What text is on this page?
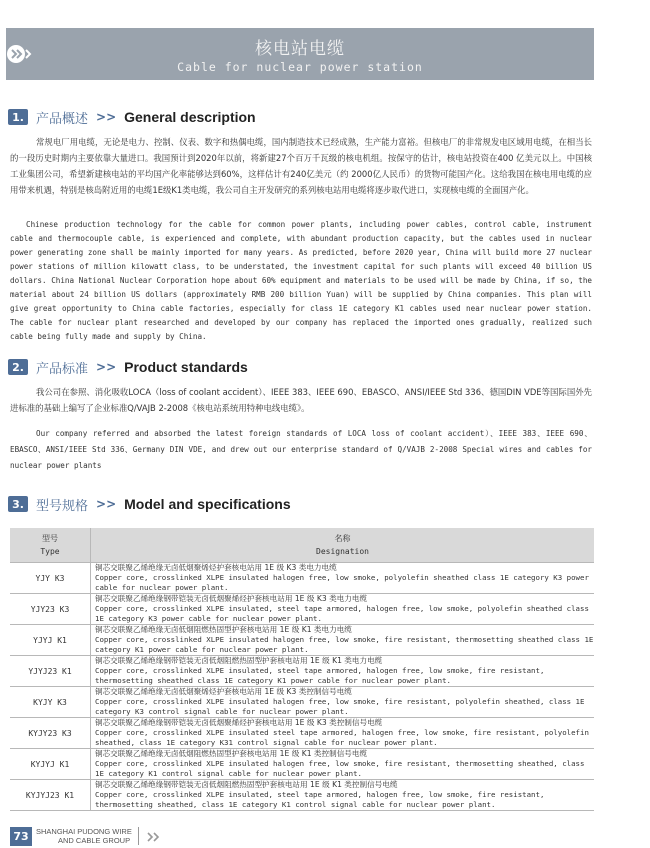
核电站电缆
Cable for nuclear power station
1. 产品概述 >> General description

常规电厂用电缆，无论是电力、控制、仪表、数字和热偶电缆，国内制造技术已经成熟，生产能力富裕。但核电厂的非常规发电区域用电缆，在相当长的一段历史时期内主要依靠大量进口。我国预计到2020年以前，将新建27个百万千瓦级的核电机组。按保守的估计，核电站投资在400 亿美元以上。中国核工业集团公司，希望新建核电站的平均国产化率能够达到60%，这样估计有240亿美元（约 2000亿人民币）的货物可能国产化。这给我国在核电用电缆的应用带来机遇，特别是核岛附近用的电缆1E级K1类电缆，我公司自主开发研究的系列核电站用电缆将逐步取代进口，实现核电缆的全面国产化。

Chinese production technology for the cable for common power plants, including power cables, control cable, instrument cable and thermocouple cable, is experienced and complete, with abundant production capacity, but the cables used in nuclear power generating zone shall be mainly imported for many years. As predicted, before 2020 year, China will build more 27 nuclear power stations of million kilowatt class, to be understated, the investment capital for such plants will exceed 40 billion US dollars. China National Nuclear Corporation hope about 60% equipment and materials to be used will be made by China, if so, the material about 24 billion US dollars (approximately RMB 200 billion Yuan) will be supplied by China companies. This plan will give great opportunity to China cable factories, especially for class 1E category K1 cables used near nuclear power station. The cable for nuclear plant researched and developed by our company has replaced the imported ones gradually, realized such cable being fully made and supply by China.

2. 产品标准 >> Product standards

我公司在参照、消化吸收LOCA（loss of coolant accident）、IEEE 383、IEEE 690、EBASCO、ANSI/IEEE Std 336、德国DIN VDE等国际国外先进标准的基础上编写了企业标准Q/VAJB 2-2008《核电站系统用特种电线电缆》。

Our company referred and absorbed the latest foreign standards of LOCA loss of coolant accident）、IEEE 383、IEEE 690、EBASCO、ANSI/IEEE Std 336、Germany DIN VDE, and drew out our enterprise standard of Q/VAJB 2-2008 Special wires and cables for nuclear power plants

3. 型号规格 >> Model and specifications
型号
Type	名称
Designation
YJY K3	铜芯交联聚乙烯绝缘无卤低烟聚烯烃护套核电站用 1E 级 K3 类电力电缆
Copper core, crosslinked XLPE insulated halogen free, low smoke, polyolefin sheathed class 1E category K3 power cable for nuclear power plant.

YJY23 K3	铜芯交联聚乙烯绝缘钢带铠装无卤低烟聚烯烃护套核电站用 1E 级 K3 类电力电缆
Copper core, crosslinked XLPE insulated, steel tape armored, halogen free, low smoke, polyolefin sheathed class 1E category K3 power cable for nuclear power plant.

YJYJ K1	铜芯交联聚乙烯绝缘无卤低烟阻燃热固型护套核电站用 1E 级 K1 类电力电缆
Copper core, crosslinked XLPE insulated halogen free, low smoke, fire resistant, thermosetting sheathed class 1E category K1 power cable for nuclear power plant.

YJYJ23 K1	铜芯交联聚乙烯绝缘钢带铠装无卤低烟阻燃热固型护套核电站用 1E 级 K1 类电力电缆
Copper core, crosslinked XLPE insulated, steel tape armored, halogen free, low smoke, fire resistant, thermosetting sheathed class 1E category K1 power cable for nuclear power plant.

KYJY K3	铜芯交联聚乙烯绝缘无卤低烟聚烯烃护套核电站用 1E 级 K3 类控制信号电缆
Copper core, crosslinked XLPE insulated halogen free, low smoke, fire resistant, polyolefin sheathed, class 1E category K3 control signal cable for nuclear power plant.

KYJY23 K3	铜芯交联聚乙烯绝缘钢带铠装无卤低烟聚烯烃护套核电站用 1E 级 K3 类控制信号电缆
Copper core, crosslinked XLPE insulated steel tape armored, halogen free, low smoke, fire resistant, polyolefin sheathed, class 1E category K31 control signal cable for nuclear power plant.

KYJYJ K1	铜芯交联聚乙烯绝缘无卤低烟阻燃热固型护套核电站用 1E 级 K1 类控制信号电缆
Copper core, crosslinked XLPE insulated halogen free, low smoke, fire resistant, thermosetting sheathed, class 1E category K1 control signal cable for nuclear power plant.

KYJYJ23 K1	铜芯交联聚乙烯绝缘钢带铠装无卤低烟阻燃热固型护套核电站用 1E 级 K1 类控制信号电缆
Copper core, crosslinked XLPE insulated, steel tape armored, halogen free, low smoke, fire resistant, thermosetting sheathed, class 1E category K1 control signal cable for nuclear power plant.
73 SHANGHAI PUDONG WIRE
AND CABLE GROUP
